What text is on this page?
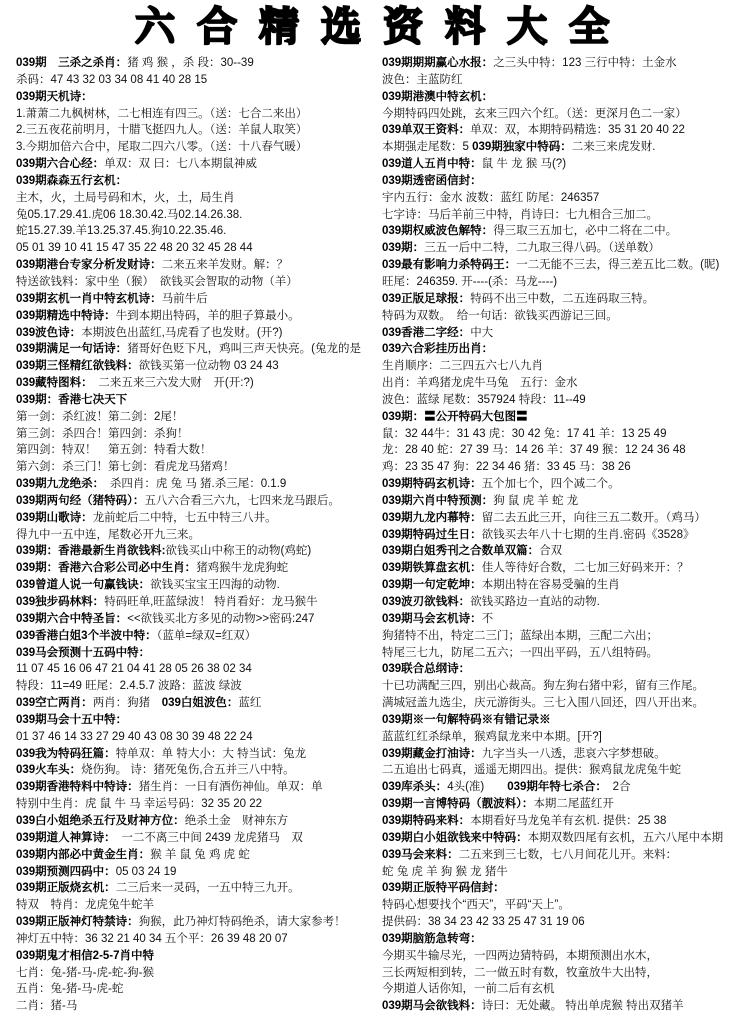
六合精选资料大全
039期　三杀之杀肖：猪 鸡 猴 ，杀 段：30--39
杀码：47 43 32 03 34 08 41 40 28 15
039期天机诗：
1.萧萧二九枫树林，二七相连有四三。（送：七合二来出）
2.三五夜花前明月，十腊飞挺四九人。（送：羊鼠人取笑）
3.今期加倍六合中，尾取二四六八零。（送：十八春气暖）
039期六合心经：单双：双 曰：七八本期鼠神威
039期森森五行玄机：
主木，火，土局号码和木，火，土，局生肖
兔05.17.29.41.虎06 18.30.42.马02.14.26.38.
蛇15.27.39.羊13.25.37.45.狗10.22.35.46.
05 01 39 10 41 15 47 35 22 48 20 32 45 28 44
039期港台专家分析发财诗：二来五来羊发财。解：？
特送欲钱料：家中坐（猴）　欲钱买会智取的动物（羊）
039期玄机一肖中特玄机诗：马前牛后
039期精选中特诗：牛到本期出特码，羊的胆子算最小。
039波色诗：本期波色出蓝红,马虎看了也发财。(开?)
039期满足一句话诗：猪哥好色贬下凡，鸡叫三声天快亮。(兔龙的是
039期三怪精红欲钱料：欲钱买第一位动物 03 24 43
039藏特图料：　二来五来三六发大财　开(开:?)
039期：香港七决天下
第一剑：杀红波！第二剑：2尾！
第三剑：杀四合！第四剑：杀狗！
第四剑：特双！　第五剑：特看大数！
第六剑：杀三门！第七剑：看虎龙马猪鸡！
039期九龙绝杀：　杀四肖：虎 兔 马 猪.杀三尾：0.1.9
039期两句经（猪特码）：五八六合看三六九，七四来龙马跟后。
039期山歌诗：龙前蛇后二中特，七五中特三八井。
得九中一五中连，尾数必开九三来。
039期：香港最新生肖欲钱料:欲钱买山中称王的动物(鸡蛇)
039期：香港六合彩公司必中生肖：猪鸡猴牛龙虎狗蛇
039曾道人说一句赢钱诀：欲钱买宝宝王四海的动物.
039独步码林料：特码旺单,旺蓝绿波！ 特肖看好：龙马猴牛
039期六合中特圣旨：<<欲钱买北方多见的动物>>密码:247
039香港白姐3个半波中特：（蓝单=绿双=红双）
039马会预测十五码中特：
11 07 45 16 06 47 21 04 41 28 05 26 38 02 34
特段：11=49 旺尾：2.4.5.7 波路：蓝波 绿波
039空亡两肖：两肖：狗猪　039白姐波色：蓝红
039期马会十五中特：
01 37 46 14 33 27 29 40 43 08 30 39 48 22 24
039我为特码狂篇：特单双：单 特大小：大 特当试：兔龙
039火车头：烧伤狗。 诗：猪死兔伤,合五并三八中特。
039期香港特料中特诗：猪生肖：一日有酒伤神仙。单双：单
特别中生肖：虎 鼠 牛 马 幸运号码：32 35 20 22
039白小姐绝杀五行及财神方位：绝杀土金　财神东方
039期道人神算诗：　一二不离三中间 2439 龙虎猪马　双
039期内部必中黄金生肖：猴 羊 鼠 兔 鸡 虎 蛇
039期预测四码中：05 03 24 19
039期正版烧玄机：二三后来一灵码，一五中特三九开。
特双　特肖：龙虎兔牛蛇羊
039期正版神灯特禁诗：狗猴，此乃神灯特码绝杀，请大家参考！
神灯五中特：36 32 21 40 34 五个平：26 39 48 20 07
039期鬼才相信2-5-7肖中特
七肖：兔-猪-马-虎-蛇-狗-猴
五肖：兔-猪-马-虎-蛇
二肖：猪-马
039期期期赢心水报：之三头中特：123 三行中特：土金水
波色：主蓝防红
039期港澳中特玄机：
今期特码四处跳，玄来三四六个红。（送：更深月色二一家）
039单双王资料：单双：双，本期特码精选：35 31 20 40 22
本期强走尾数：5 039期独家中特码：二来三来虎发财.
039道人五肖中特：鼠 牛 龙 猴 马(?)
039期透密函信封：
宇内五行：金水 波数：蓝红 防尾：246357
七字诗：马后羊前三中特，肖诗曰：七九相合三加二。
039期权威波色解特：得三取三五加七，必中二将在二中。
039期：三五一后中二特，二九取三得八码。（送单数）
039最有影响力杀特码王：一二无能不三去，得三差五比二数。(昵)
旺尾：246359. 开----(杀：马龙----)
039正版足球报：特码不出三中数，二五连码取三特。
特码为双数。　给一句话：欲钱买西游记三回。
039香港二字经：中大
039六合彩挂历出肖：
生肖顺序：二三四五六七八九肖
出肖：羊鸡猪龙虎牛马兔　五行：金水
波色：蓝绿 尾数：357924 特段：11--49
039期：〓公开特码大包图〓
鼠：32 44牛：31 43 虎：30 42 兔：17 41 羊：13 25 49
龙：28 40 蛇：27 39 马：14 26 羊：37 49 猴：12 24 36 48
鸡：23 35 47 狗：22 34 46 猪：33 45 马：38 26
039期特码玄机诗：五个加七个，四个减二个。
039期六肖中特预测：狗 鼠 虎 羊 蛇 龙
039期九龙内幕特：留二去五此三开，向往三五二数开。（鸡马）
039期特码过生日：欲钱买去年八十七期的生肖.密码《3528》
039期白姐秀刊之合数单双篇：合双
039期铁算盘玄机：佳人等待好合数，二七加三好码来开：？
039期一句定乾坤：本期出特在容易受骗的生肖
039波刃欲钱料：欲钱买路边一直站的动物.
039期马会玄机诗：不
狗猪特不出，特定二三门；蓝绿出本期，三配二六出；
特尾三七九，防尾二五六；一四出平码，五八组特码。
039联合总纲诗：
十已功满配三四，别出心裁高。狗左狗右猪中彩，留有三作尾。
满城冠盖九选尘，庆元游街头。三七入围八回还，四八开出来。
039期※一句解特码※有错记录※
蓝蓝红红杀绿单，猴鸡鼠龙来中本期。[开?]
039期藏金打油诗：九字当头一八透，悲哀六字梦想破。
二五追出七码真，遥遥无期四出。提供：猴鸡鼠龙虎兔牛蛇
039库杀头：4头(准)　　039期年特七杀合：　2合
039期一言博特码（靓波料）：本期二尾蓝红开
039期特码来料：本期看好马龙兔羊有玄机. 提供：25 38
039期白小姐欲钱来中特码：本期双数四尾有玄机，五六八尾中本期
039马会来料：二五来到三七数，七八月间花儿开。来料：
蛇 兔 虎 羊 狗 猴 龙 猪牛
039期正版特平码信封：
特码心想要找个“西天”，平码“天上”。
提供码：38 34 23 42 33 25 47 31 19 06
039期脑筋急转弯：
今期买牛输尽光，一四两边猜特码，本期预测出水木，
三长两短相到转，二一做五时有数，牧童放牛大出特，
今期道人话你知，一前二后有玄机
039期马会欲钱料：诗曰：无处藏。 特出单虎猴 特出双猪羊
